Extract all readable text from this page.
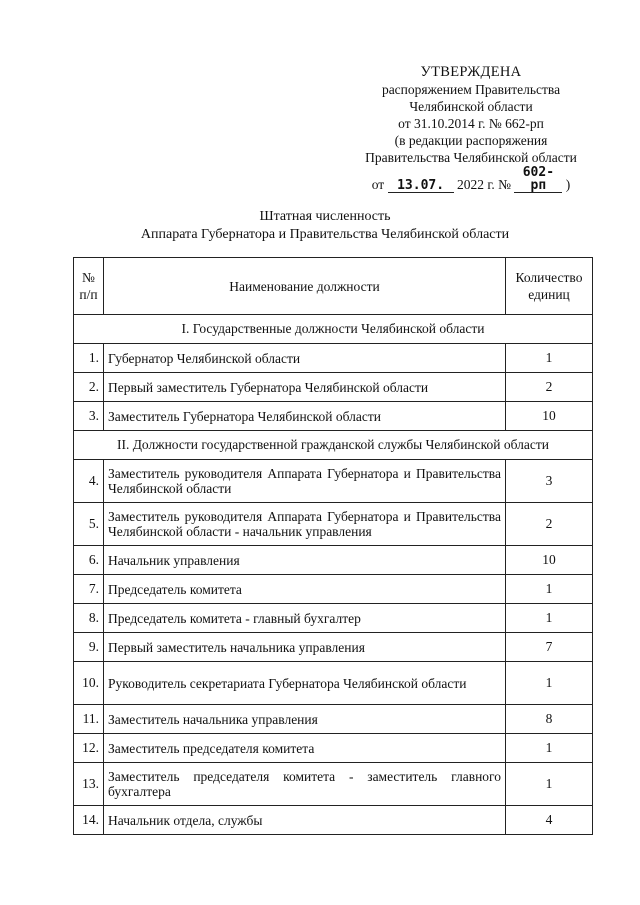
УТВЕРЖДЕНА
распоряжением Правительства
Челябинской области
от 31.10.2014 г. № 662-рп
(в редакции распоряжения
Правительства Челябинской области
от 13.07. 2022 г. № 602-рп )
Штатная численность
Аппарата Губернатора и Правительства Челябинской области
№ п/п	Наименование должности	Количество единиц
I. Государственные должности Челябинской области		
1.	Губернатор Челябинской области	1
2.	Первый заместитель Губернатора Челябинской области	2
3.	Заместитель Губернатора Челябинской области	10
II. Должности государственной гражданской службы Челябинской области		
4.	Заместитель руководителя Аппарата Губернатора и Правительства Челябинской области	3
5.	Заместитель руководителя Аппарата Губернатора и Правительства Челябинской области - начальник управления	2
6.	Начальник управления	10
7.	Председатель комитета	1
8.	Председатель комитета - главный бухгалтер	1
9.	Первый заместитель начальника управления	7
10.	Руководитель секретариата Губернатора Челябинской области	1
11.	Заместитель начальника управления	8
12.	Заместитель председателя комитета	1
13.	Заместитель председателя комитета - заместитель главного бухгалтера	1
14.	Начальник отдела, службы	4
